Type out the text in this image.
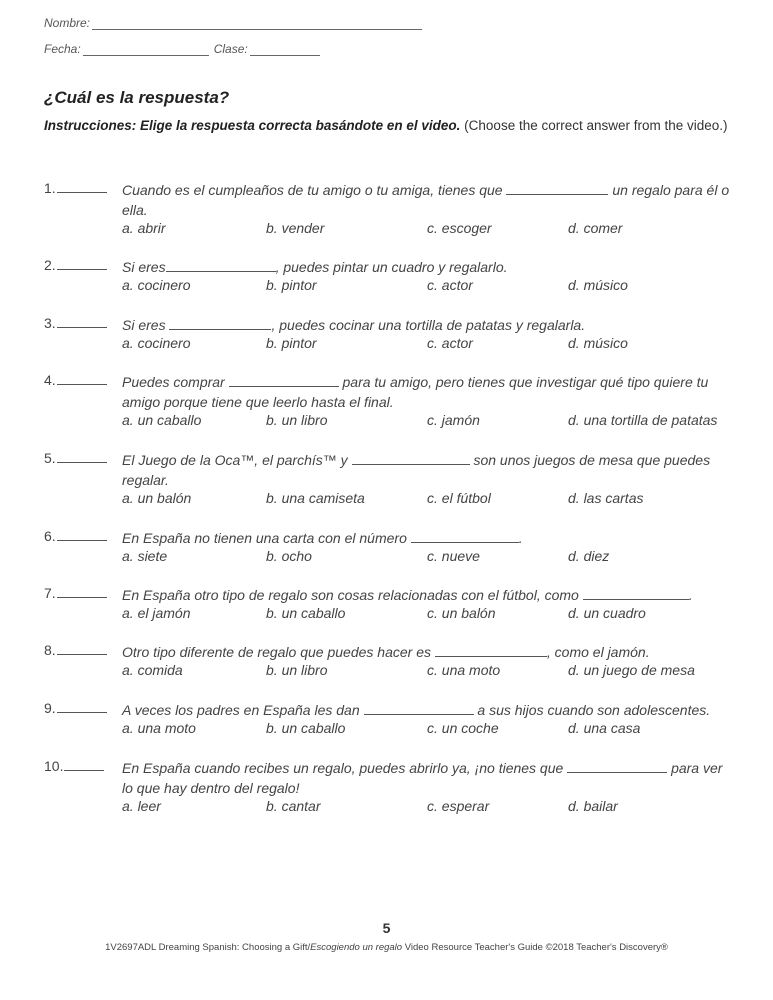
Nombre:
Fecha:	Clase:
¿Cuál es la respuesta?
Instrucciones: Elige la respuesta correcta basándote en el video. (Choose the correct answer from the video.)
1.	Cuando es el cumpleaños de tu amigo o tu amiga, tienes que	un regalo para él o ella.
a. abrir	b. vender	c. escoger	d. comer
2.	Si eres	, puedes pintar un cuadro y regalarlo.
a. cocinero	b. pintor	c. actor	d. músico
3.	Si eres	, puedes cocinar una tortilla de patatas y regalarla.
a. cocinero	b. pintor	c. actor	d. músico
4.	Puedes comprar	para tu amigo, pero tienes que investigar qué tipo quiere tu amigo porque tiene que leerlo hasta el final.
a. un caballo	b. un libro	c. jamón	d. una tortilla de patatas
5.	El Juego de la Oca™, el parchís™ y	son unos juegos de mesa que puedes regalar.
a. un balón	b. una camiseta	c. el fútbol	d. las cartas
6.	En España no tienen una carta con el número	.
a. siete	b. ocho	c. nueve	d. diez
7.	En España otro tipo de regalo son cosas relacionadas con el fútbol, como	.
a. el jamón	b. un caballo	c. un balón	d. un cuadro
8.	Otro tipo diferente de regalo que puedes hacer es	, como el jamón.
a. comida	b. un libro	c. una moto	d. un juego de mesa
9.	A veces los padres en España les dan	a sus hijos cuando son adolescentes.
a. una moto	b. un caballo	c. un coche	d. una casa
10.	En España cuando recibes un regalo, puedes abrirlo ya, ¡no tienes que	para ver lo que hay dentro del regalo!
a. leer	b. cantar	c. esperar	d. bailar
5
1V2697ADL Dreaming Spanish: Choosing a Gift/Escogiendo un regalo Video Resource Teacher's Guide ©2018 Teacher's Discovery®
